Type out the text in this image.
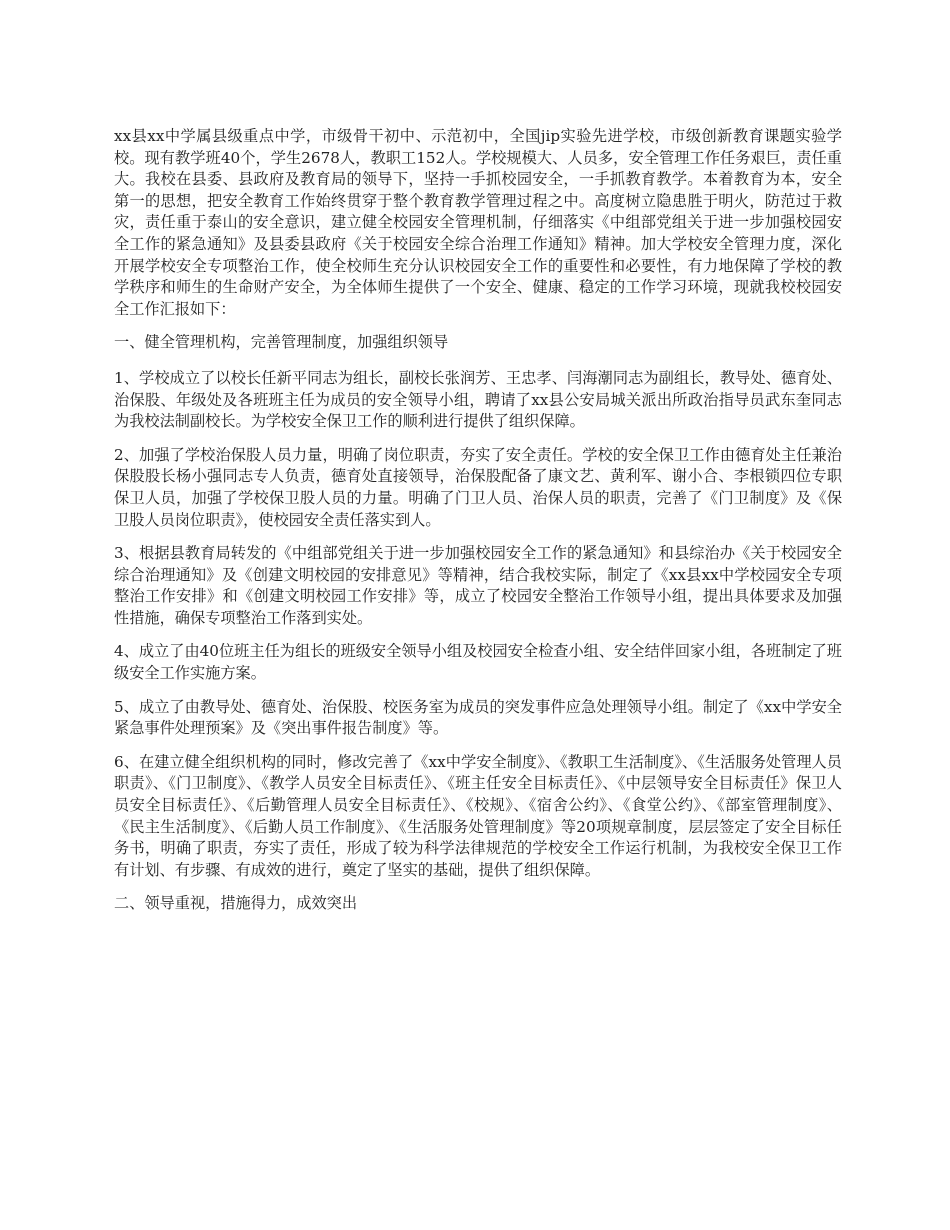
xx县xx中学属县级重点中学，市级骨干初中、示范初中，全国jip实验先进学校，市级创新教育课题实验学校。现有教学班40个，学生2678人，教职工152人。学校规模大、人员多，安全管理工作任务艰巨，责任重大。我校在县委、县政府及教育局的领导下，坚持一手抓校园安全，一手抓教育教学。本着教育为本，安全第一的思想，把安全教育工作始终贯穿于整个教育教学管理过程之中。高度树立隐患胜于明火，防范过于救灾，责任重于泰山的安全意识，建立健全校园安全管理机制，仔细落实《中组部党组关于进一步加强校园安全工作的紧急通知》及县委县政府《关于校园安全综合治理工作通知》精神。加大学校安全管理力度，深化开展学校安全专项整治工作，使全校师生充分认识校园安全工作的重要性和必要性，有力地保障了学校的教学秩序和师生的生命财产安全，为全体师生提供了一个安全、健康、稳定的工作学习环境，现就我校校园安全工作汇报如下：

一、健全管理机构，完善管理制度，加强组织领导

1、学校成立了以校长任新平同志为组长，副校长张润芳、王忠孝、闫海潮同志为副组长，教导处、德育处、治保股、年级处及各班班主任为成员的安全领导小组，聘请了xx县公安局城关派出所政治指导员武东奎同志为我校法制副校长。为学校安全保卫工作的顺利进行提供了组织保障。

2、加强了学校治保股人员力量，明确了岗位职责，夯实了安全责任。学校的安全保卫工作由德育处主任兼治保股股长杨小强同志专人负责，德育处直接领导，治保股配备了康文艺、黄利军、谢小合、李根锁四位专职保卫人员，加强了学校保卫股人员的力量。明确了门卫人员、治保人员的职责，完善了《门卫制度》及《保卫股人员岗位职责》，使校园安全责任落实到人。

3、根据县教育局转发的《中组部党组关于进一步加强校园安全工作的紧急通知》和县综治办《关于校园安全综合治理通知》及《创建文明校园的安排意见》等精神，结合我校实际，制定了《xx县xx中学校园安全专项整治工作安排》和《创建文明校园工作安排》等，成立了校园安全整治工作领导小组，提出具体要求及加强性措施，确保专项整治工作落到实处。

4、成立了由40位班主任为组长的班级安全领导小组及校园安全检查小组、安全结伴回家小组，各班制定了班级安全工作实施方案。

5、成立了由教导处、德育处、治保股、校医务室为成员的突发事件应急处理领导小组。制定了《xx中学安全紧急事件处理预案》及《突出事件报告制度》等。

6、在建立健全组织机构的同时，修改完善了《xx中学安全制度》、《教职工生活制度》、《生活服务处管理人员职责》、《门卫制度》、《教学人员安全目标责任》、《班主任安全目标责任》、《中层领导安全目标责任》保卫人员安全目标责任》、《后勤管理人员安全目标责任》、《校规》、《宿舍公约》、《食堂公约》、《部室管理制度》、《民主生活制度》、《后勤人员工作制度》、《生活服务处管理制度》等20项规章制度，层层签定了安全目标任务书，明确了职责，夯实了责任，形成了较为科学法律规范的学校安全工作运行机制，为我校安全保卫工作有计划、有步骤、有成效的进行，奠定了坚实的基础，提供了组织保障。

二、领导重视，措施得力，成效突出
